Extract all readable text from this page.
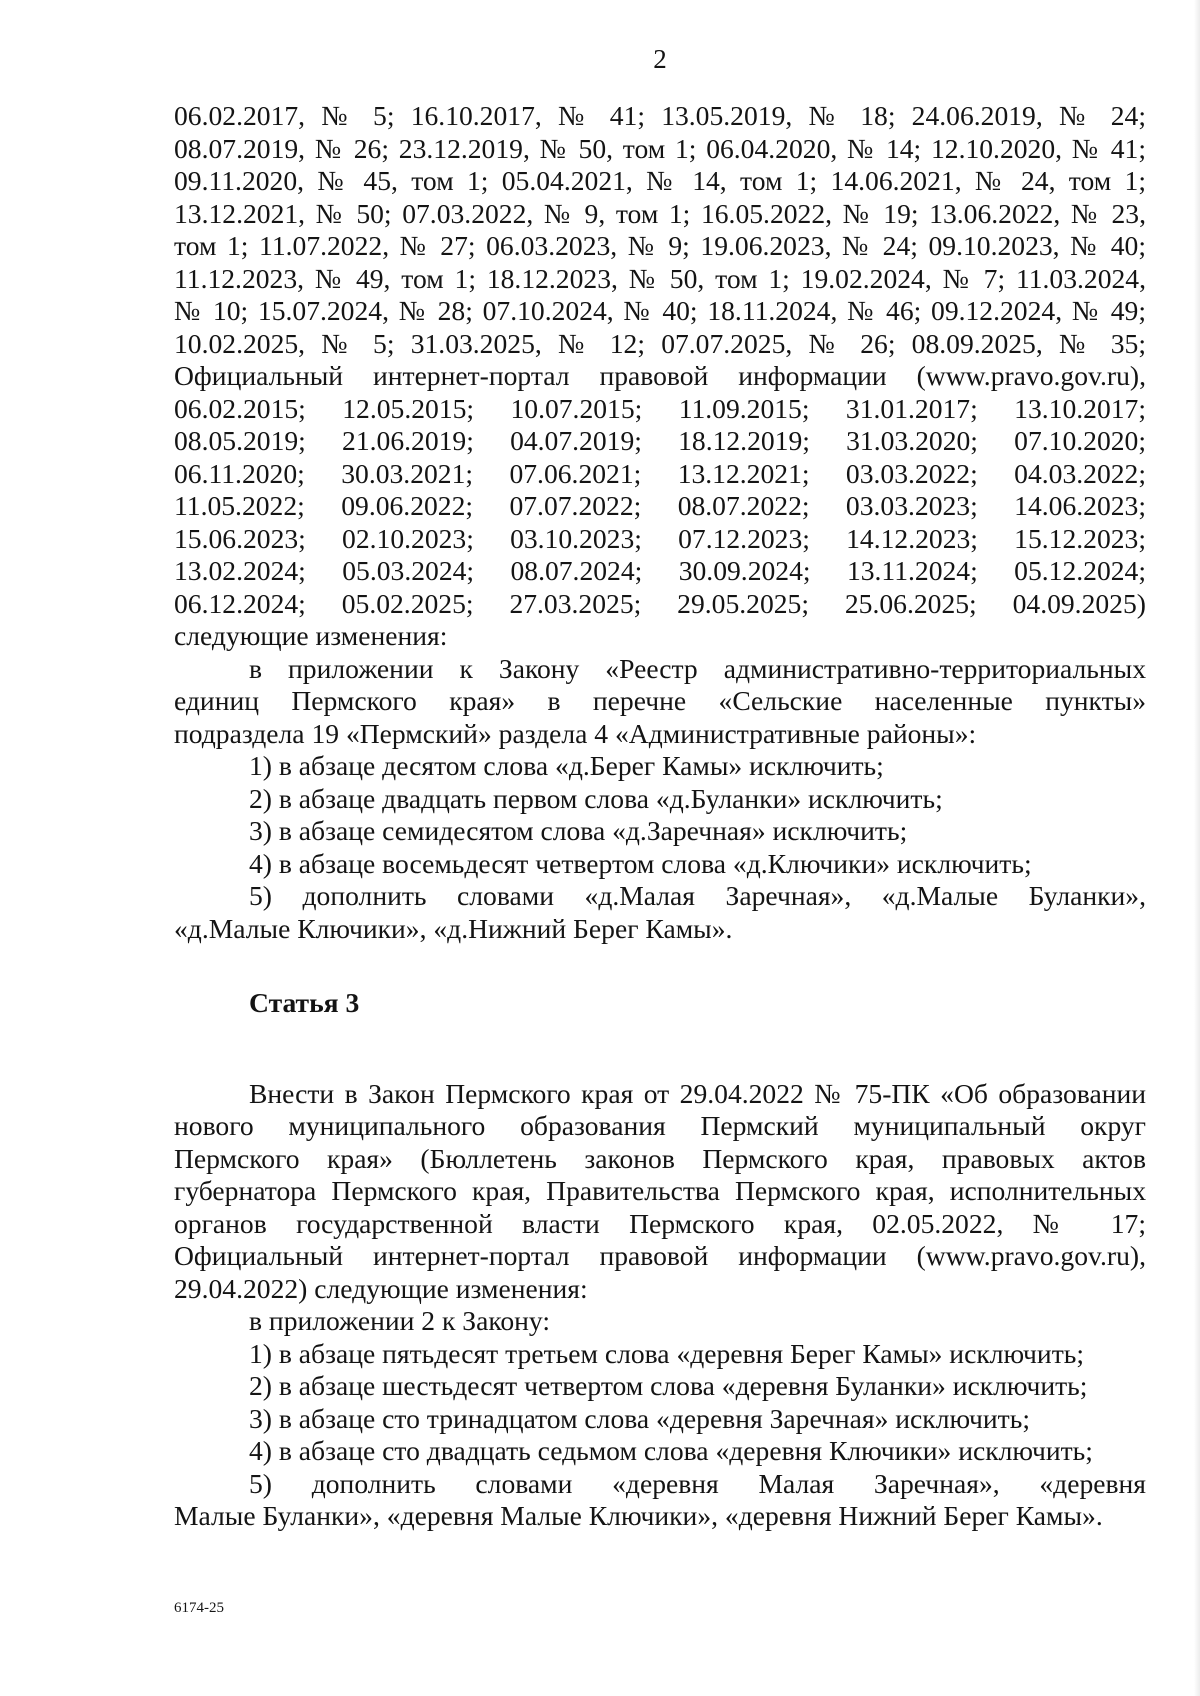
2
06.02.2017, № 5; 16.10.2017, № 41; 13.05.2019, № 18; 24.06.2019, № 24;
08.07.2019, № 26; 23.12.2019, № 50, том 1; 06.04.2020, № 14; 12.10.2020, № 41;
09.11.2020, № 45, том 1; 05.04.2021, № 14, том 1; 14.06.2021, № 24, том 1;
13.12.2021, № 50; 07.03.2022, № 9, том 1; 16.05.2022, № 19; 13.06.2022, № 23,
том 1; 11.07.2022, № 27; 06.03.2023, № 9; 19.06.2023, № 24; 09.10.2023, № 40;
11.12.2023, № 49, том 1; 18.12.2023, № 50, том 1; 19.02.2024, № 7; 11.03.2024,
№ 10; 15.07.2024, № 28; 07.10.2024, № 40; 18.11.2024, № 46; 09.12.2024, № 49;
10.02.2025, № 5; 31.03.2025, № 12; 07.07.2025, № 26; 08.09.2025, № 35;
Официальный интернет-портал правовой информации (www.pravo.gov.ru),
06.02.2015; 12.05.2015; 10.07.2015; 11.09.2015; 31.01.2017; 13.10.2017;
08.05.2019; 21.06.2019; 04.07.2019; 18.12.2019; 31.03.2020; 07.10.2020;
06.11.2020; 30.03.2021; 07.06.2021; 13.12.2021; 03.03.2022; 04.03.2022;
11.05.2022; 09.06.2022; 07.07.2022; 08.07.2022; 03.03.2023; 14.06.2023;
15.06.2023; 02.10.2023; 03.10.2023; 07.12.2023; 14.12.2023; 15.12.2023;
13.02.2024; 05.03.2024; 08.07.2024; 30.09.2024; 13.11.2024; 05.12.2024;
06.12.2024; 05.02.2025; 27.03.2025; 29.05.2025; 25.06.2025; 04.09.2025)
следующие изменения:
в приложении к Закону «Реестр административно-территориальных
единиц Пермского края» в перечне «Сельские населенные пункты»
подраздела 19 «Пермский» раздела 4 «Административные районы»:
1) в абзаце десятом слова «д.Берег Камы» исключить;
2) в абзаце двадцать первом слова «д.Буланки» исключить;
3) в абзаце семидесятом слова «д.Заречная» исключить;
4) в абзаце восемьдесят четвертом слова «д.Ключики» исключить;
5) дополнить словами «д.Малая Заречная», «д.Малые Буланки»,
«д.Малые Ключики», «д.Нижний Берег Камы».
Статья 3
Внести в Закон Пермского края от 29.04.2022 № 75-ПК «Об образовании
нового муниципального образования Пермский муниципальный округ
Пермского края» (Бюллетень законов Пермского края, правовых актов
губернатора Пермского края, Правительства Пермского края, исполнительных
органов государственной власти Пермского края, 02.05.2022, № 17;
Официальный интернет-портал правовой информации (www.pravo.gov.ru),
29.04.2022) следующие изменения:
в приложении 2 к Закону:
1) в абзаце пятьдесят третьем слова «деревня Берег Камы» исключить;
2) в абзаце шестьдесят четвертом слова «деревня Буланки» исключить;
3) в абзаце сто тринадцатом слова «деревня Заречная» исключить;
4) в абзаце сто двадцать седьмом слова «деревня Ключики» исключить;
5) дополнить словами «деревня Малая Заречная», «деревня
Малые Буланки», «деревня Малые Ключики», «деревня Нижний Берег Камы».
6174-25
